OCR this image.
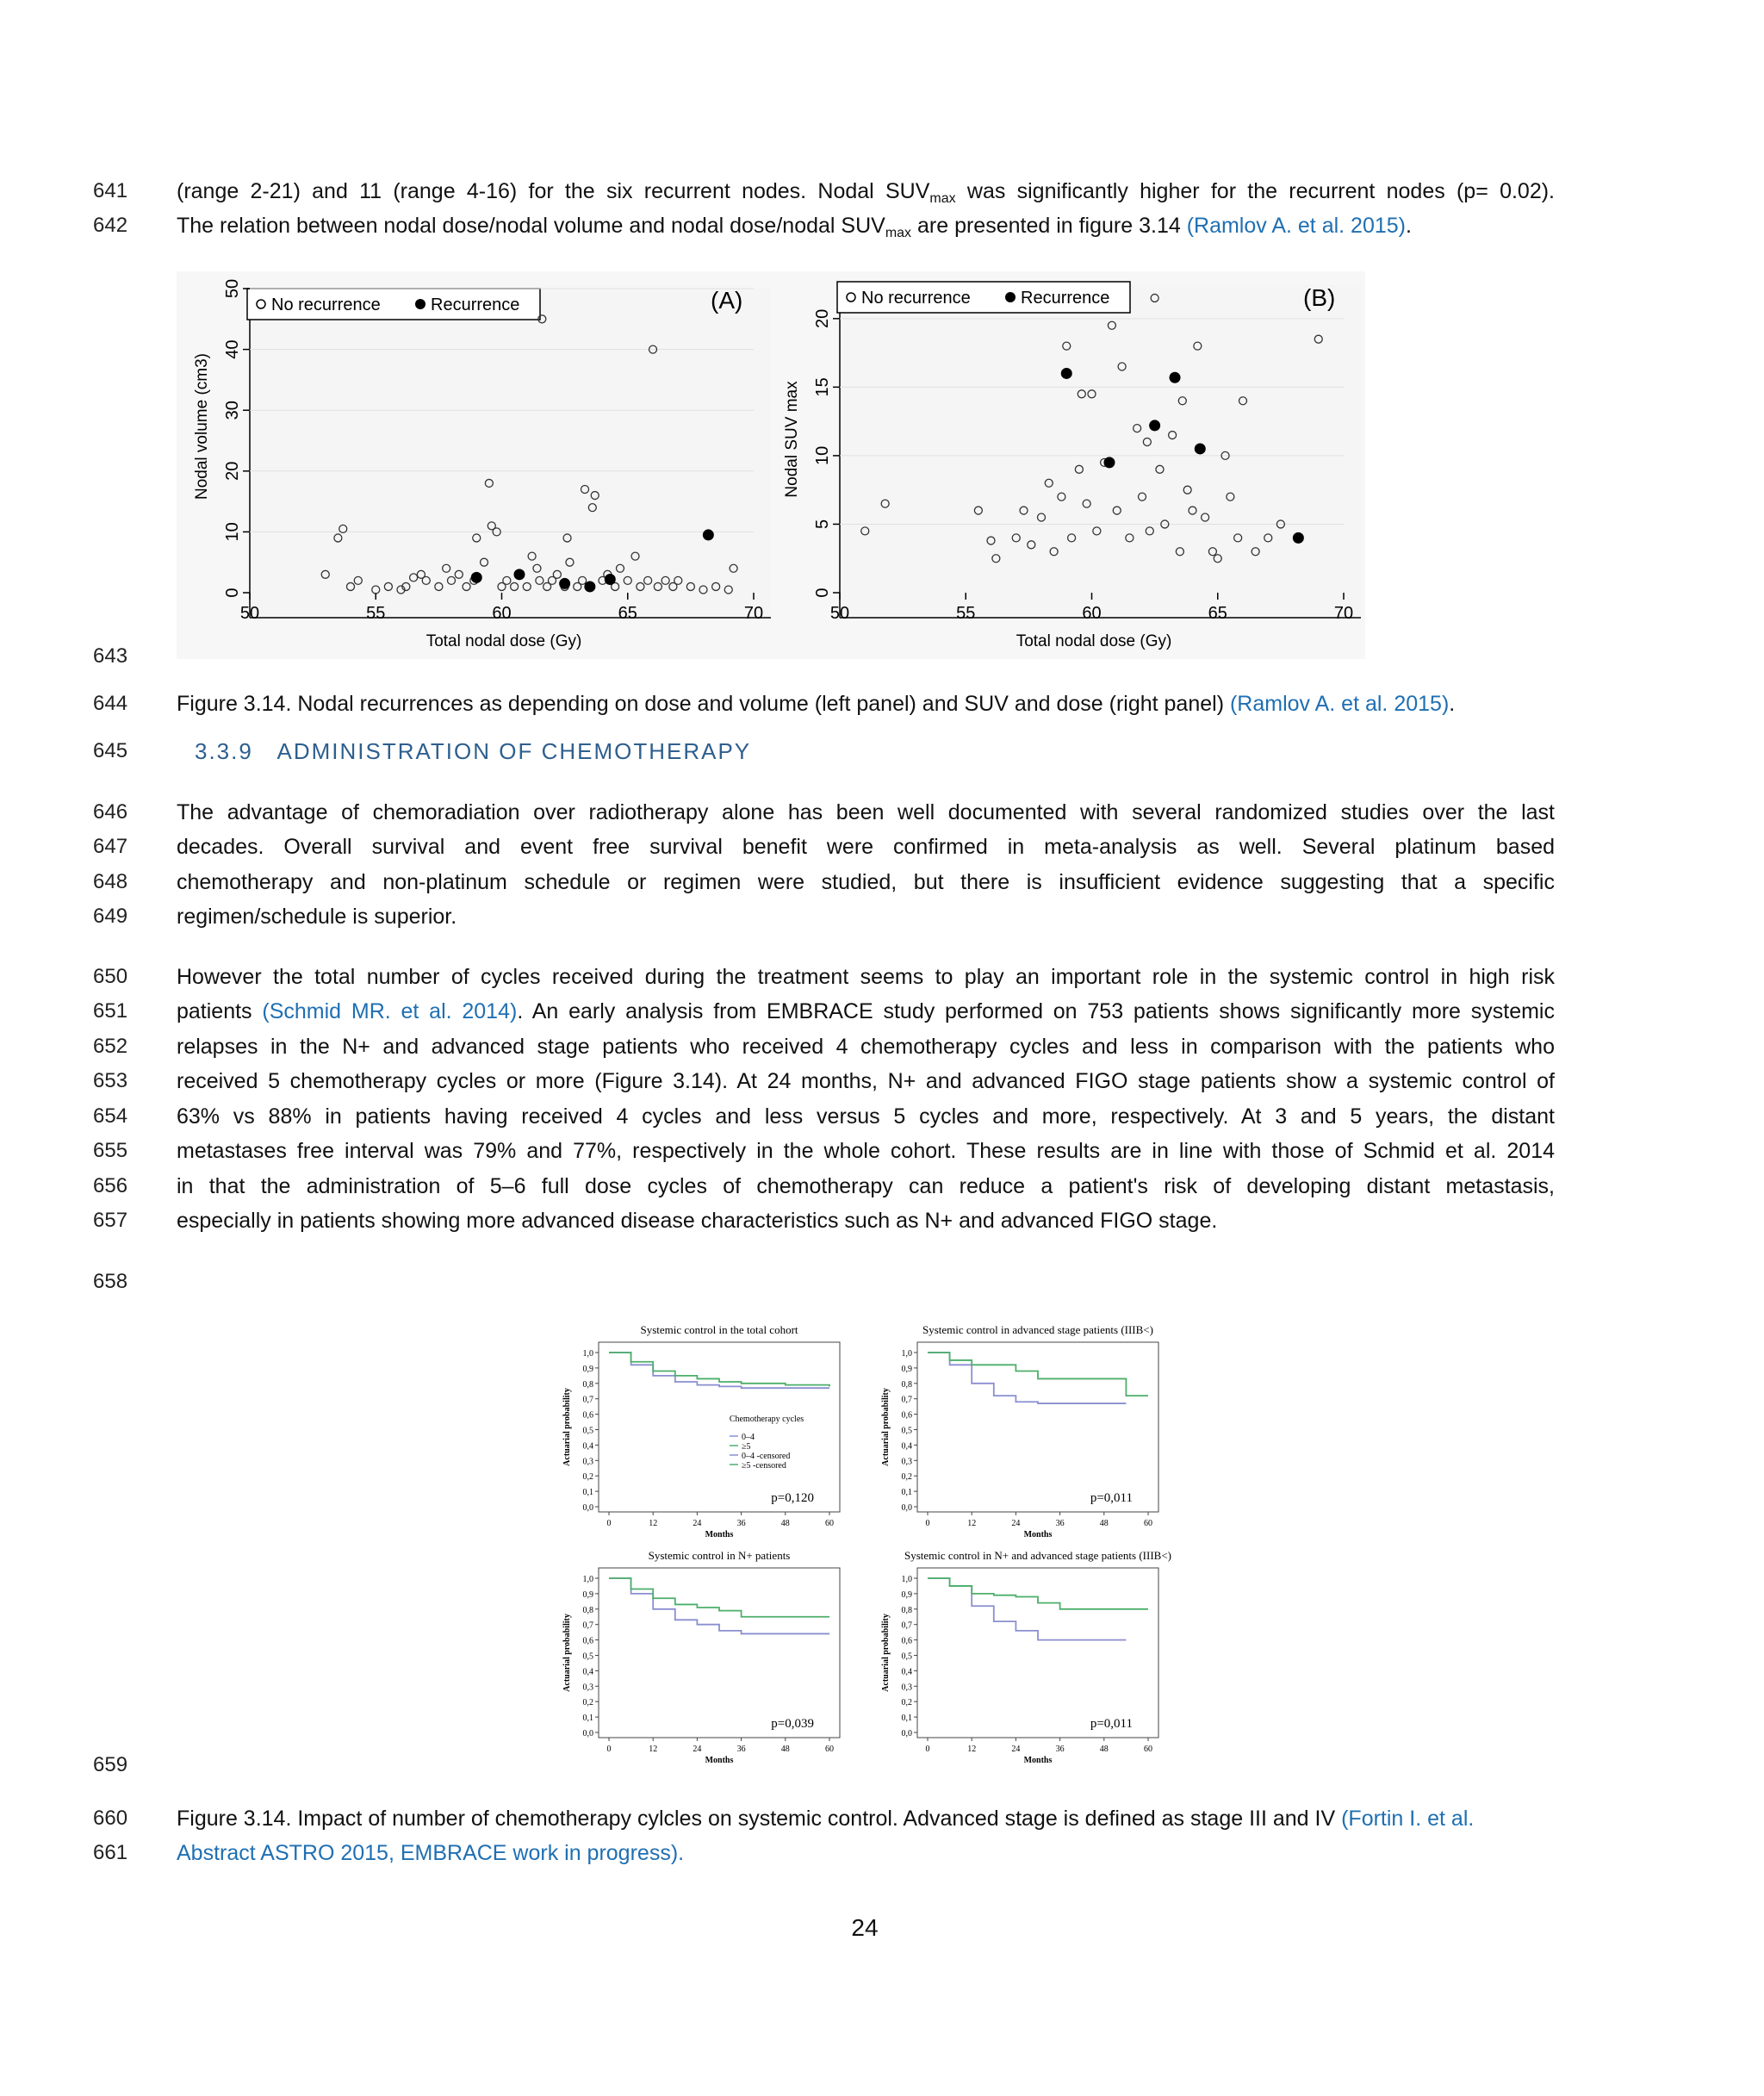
641
642
643
644
645
646
647
648
649
650
651
652
653
654
655
656
657
658
659
660
661
(range 2-21) and 11 (range 4-16) for the six recurrent nodes. Nodal $SUV_{max}$ was significantly higher for the recurrent nodes (p= 0.02).
The relation between nodal dose/nodal volume and nodal dose/nodal $SUV_{max}$ are presented in figure 3.14 (Ramlov A. et al. 2015).
No recurrence	Recurrence	(A)
Total nodal dose (Gy)
Nodal volume (cm3)
50	55	60	65	70
0
10
20
30
40
50	No recurrence	Recurrence	(B)
Total nodal dose (Gy)
Nodal SUV max
50	55	60	65	70
0
5
10
15
20
Figure 3.14. Nodal recurrences as depending on dose and volume (left panel) and SUV and dose (right panel) (Ramlov A. et al. 2015).
3.3.9 ADMINISTRATION OF CHEMOTHERAPY
The advantage of chemoradiation over radiotherapy alone has been well documented with several randomized studies over the last
decades. Overall survival and event free survival benefit were confirmed in meta-analysis as well. Several platinum based
chemotherapy and non-platinum schedule or regimen were studied, but there is insufficient evidence suggesting that a specific
regimen/schedule is superior.
However the total number of cycles received during the treatment seems to play an important role in the systemic control in high risk
patients (Schmid MR. et al. 2014). An early analysis from EMBRACE study performed on 753 patients shows significantly more systemic
relapses in the N+ and advanced stage patients who received 4 chemotherapy cycles and less in comparison with the patients who
received 5 chemotherapy cycles or more (Figure 3.14). At 24 months, N+ and advanced FIGO stage patients show a systemic control of
63% vs 88% in patients having received 4 cycles and less versus 5 cycles and more, respectively. At 3 and 5 years, the distant
metastases free interval was 79% and 77%, respectively in the whole cohort. These results are in line with those of Schmid et al. 2014
in that the administration of 5–6 full dose cycles of chemotherapy can reduce a patient's risk of developing distant metastasis,
especially in patients showing more advanced disease characteristics such as N+ and advanced FIGO stage.
Systemic control in the total cohort
0,0
0,1
0,2
0,3
0,4
0,5
0,6
0,7
0,8
0,9
1,0
0	12	24	36	48	60
Months
Actuarial probability
p=0,120
Chemotherapy cycles
0–4
≥5
0–4 -censored
≥5 -censored
Systemic control in advanced stage patients (IIIB<)
0,0
0,1
0,2
0,3
0,4
0,5
0,6
0,7
0,8
0,9
1,0
0	12	24	36	48	60
Months
Actuarial probability
p=0,011
Systemic control in N+ patients
0,0
0,1
0,2
0,3
0,4
0,5
0,6
0,7
0,8
0,9
1,0
0	12	24	36	48	60
Months
Actuarial probability
p=0,039
Systemic control in N+ and advanced stage patients (IIIB<)
0,0
0,1
0,2
0,3
0,4
0,5
0,6
0,7
0,8
0,9
1,0
0	12	24	36	48	60
Months
Actuarial probability
p=0,011
Figure 3.14. Impact of number of chemotherapy cylcles on systemic control. Advanced stage is defined as stage III and IV (Fortin I. et al.
Abstract ASTRO 2015, EMBRACE work in progress).
24
